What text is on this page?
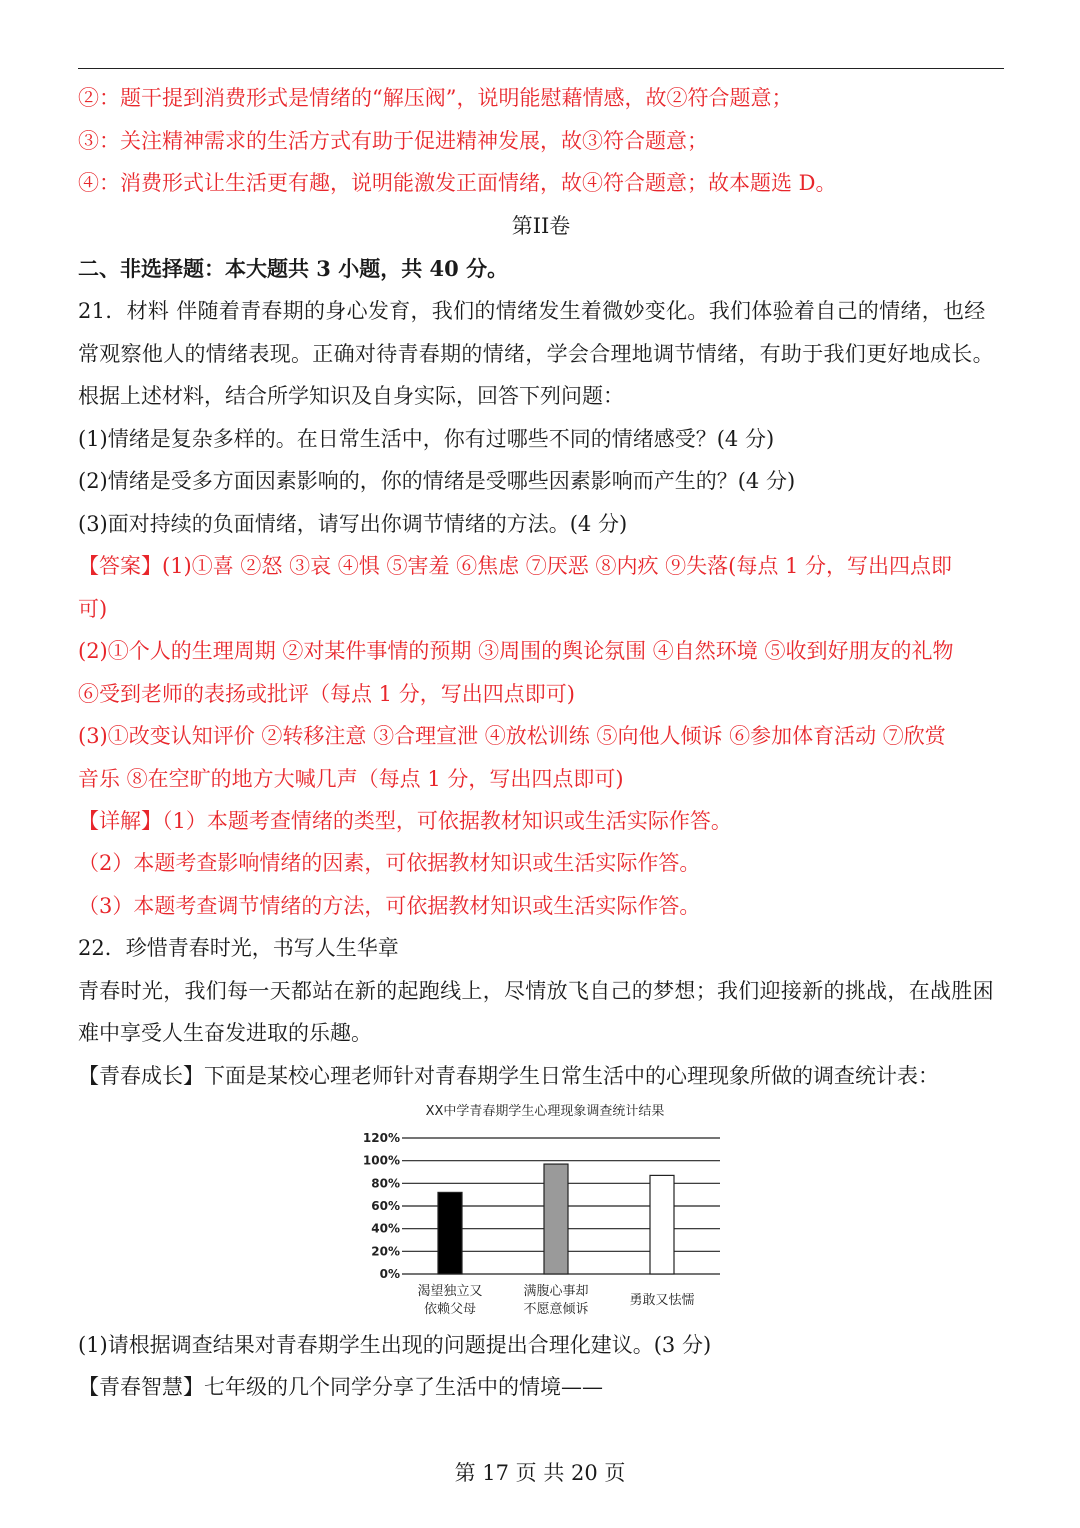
②：题干提到消费形式是情绪的“解压阀”，说明能慰藉情感，故②符合题意；
③：关注精神需求的生活方式有助于促进精神发展，故③符合题意；
④：消费形式让生活更有趣，说明能激发正面情绪，故④符合题意；故本题选 D。
第II卷
二、非选择题：本大题共 3 小题，共 40 分。
21．材料 伴随着青春期的身心发育，我们的情绪发生着微妙变化。我们体验着自己的情绪，也经
常观察他人的情绪表现。正确对待青春期的情绪，学会合理地调节情绪，有助于我们更好地成长。
根据上述材料，结合所学知识及自身实际，回答下列问题：
(1)情绪是复杂多样的。在日常生活中，你有过哪些不同的情绪感受？(4 分)
(2)情绪是受多方面因素影响的，你的情绪是受哪些因素影响而产生的？(4 分)
(3)面对持续的负面情绪，请写出你调节情绪的方法。(4 分)
【答案】(1)①喜 ②怒 ③哀 ④惧 ⑤害羞 ⑥焦虑 ⑦厌恶 ⑧内疚 ⑨失落(每点 1 分，写出四点即
可)
(2)①个人的生理周期 ②对某件事情的预期 ③周围的舆论氛围 ④自然环境 ⑤收到好朋友的礼物
⑥受到老师的表扬或批评（每点 1 分，写出四点即可)
(3)①改变认知评价 ②转移注意 ③合理宣泄 ④放松训练 ⑤向他人倾诉 ⑥参加体育活动 ⑦欣赏
音乐 ⑧在空旷的地方大喊几声（每点 1 分，写出四点即可)
【详解】（1）本题考查情绪的类型，可依据教材知识或生活实际作答。
（2）本题考查影响情绪的因素，可依据教材知识或生活实际作答。
（3）本题考查调节情绪的方法，可依据教材知识或生活实际作答。
22．珍惜青春时光，书写人生华章
青春时光，我们每一天都站在新的起跑线上，尽情放飞自己的梦想；我们迎接新的挑战，在战胜困
难中享受人生奋发进取的乐趣。
【青春成长】下面是某校心理老师针对青春期学生日常生活中的心理现象所做的调查统计表：
XX中学青春期学生心理现象调查统计结果
0%
20%
40%
60%
80%
100%
120%
渴望独立又
依赖父母
满腹心事却
不愿意倾诉
勇敢又怯懦
(1)请根据调查结果对青春期学生出现的问题提出合理化建议。(3 分)
【青春智慧】七年级的几个同学分享了生活中的情境——
第 17 页 共 20 页
